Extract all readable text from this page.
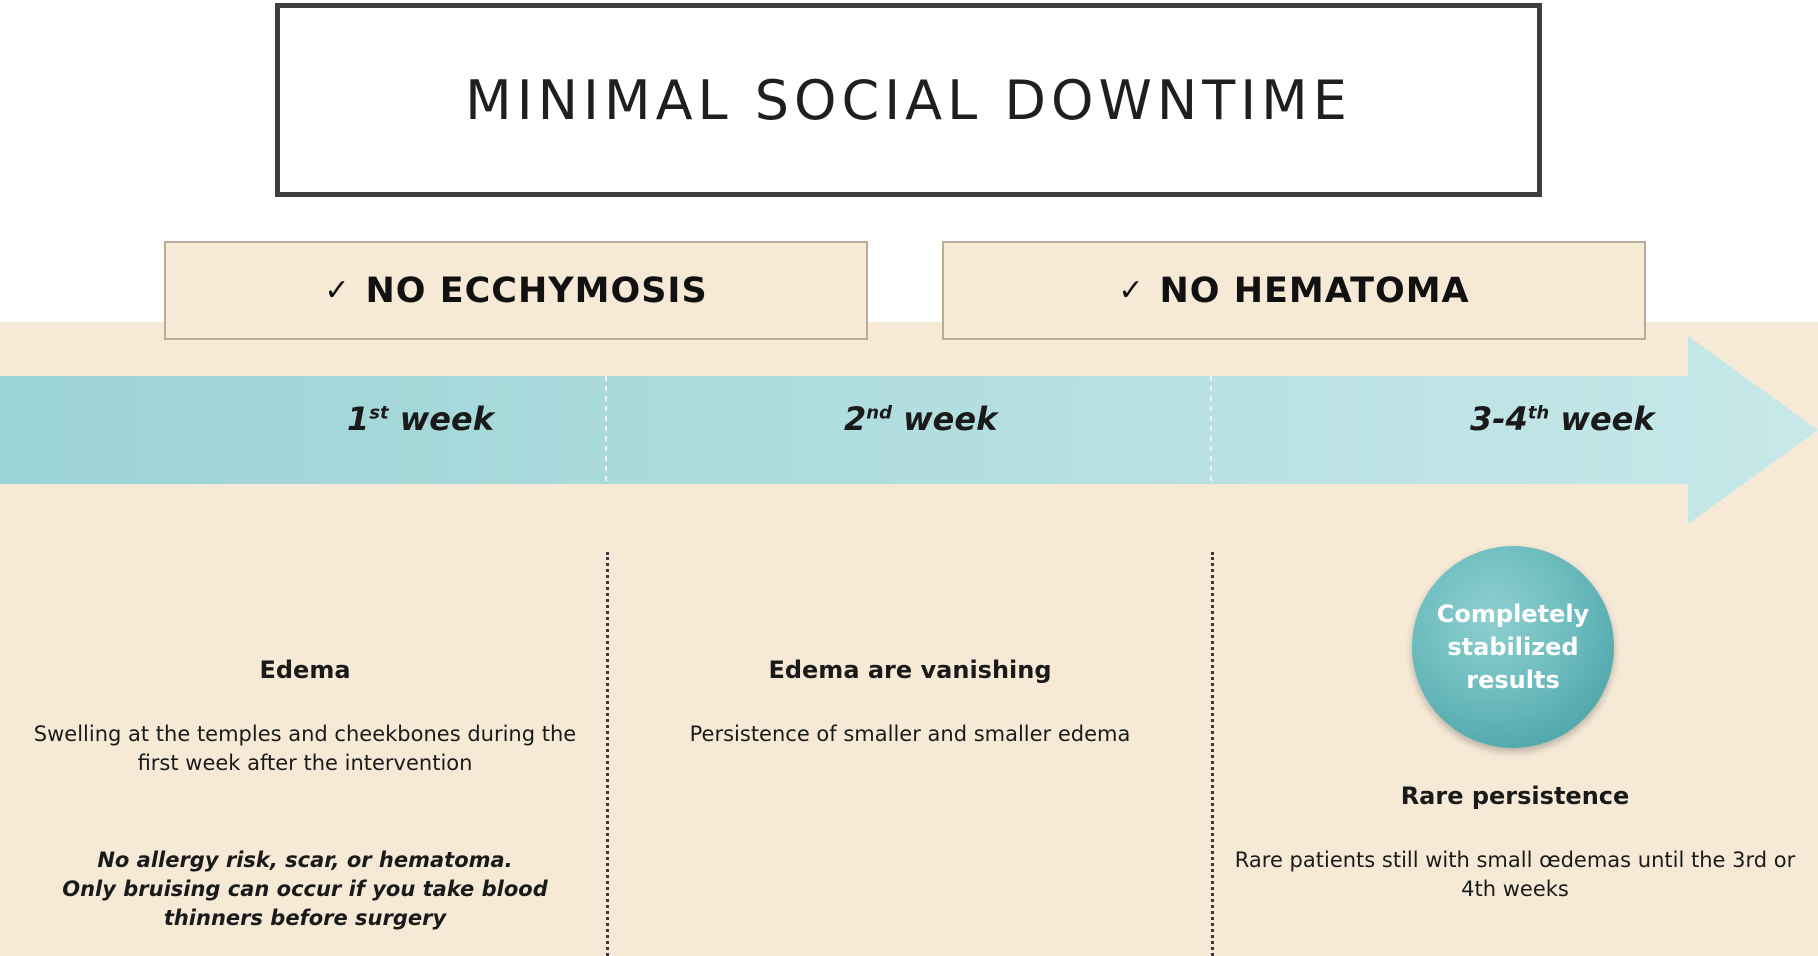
MINIMAL SOCIAL DOWNTIME
✓ NO ECCHYMOSIS	✓ NO HEMATOMA
1st week	2nd week	3-4th week
Edema
Swelling at the temples and cheekbones during the first week after the intervention
No allergy risk, scar, or hematoma.
Only bruising can occur if you take blood
thinners before surgery
Edema are vanishing
Persistence of smaller and smaller edema
Completely
stabilized
results
Rare persistence
Rare patients still with small œdemas until the 3rd or 4th weeks
